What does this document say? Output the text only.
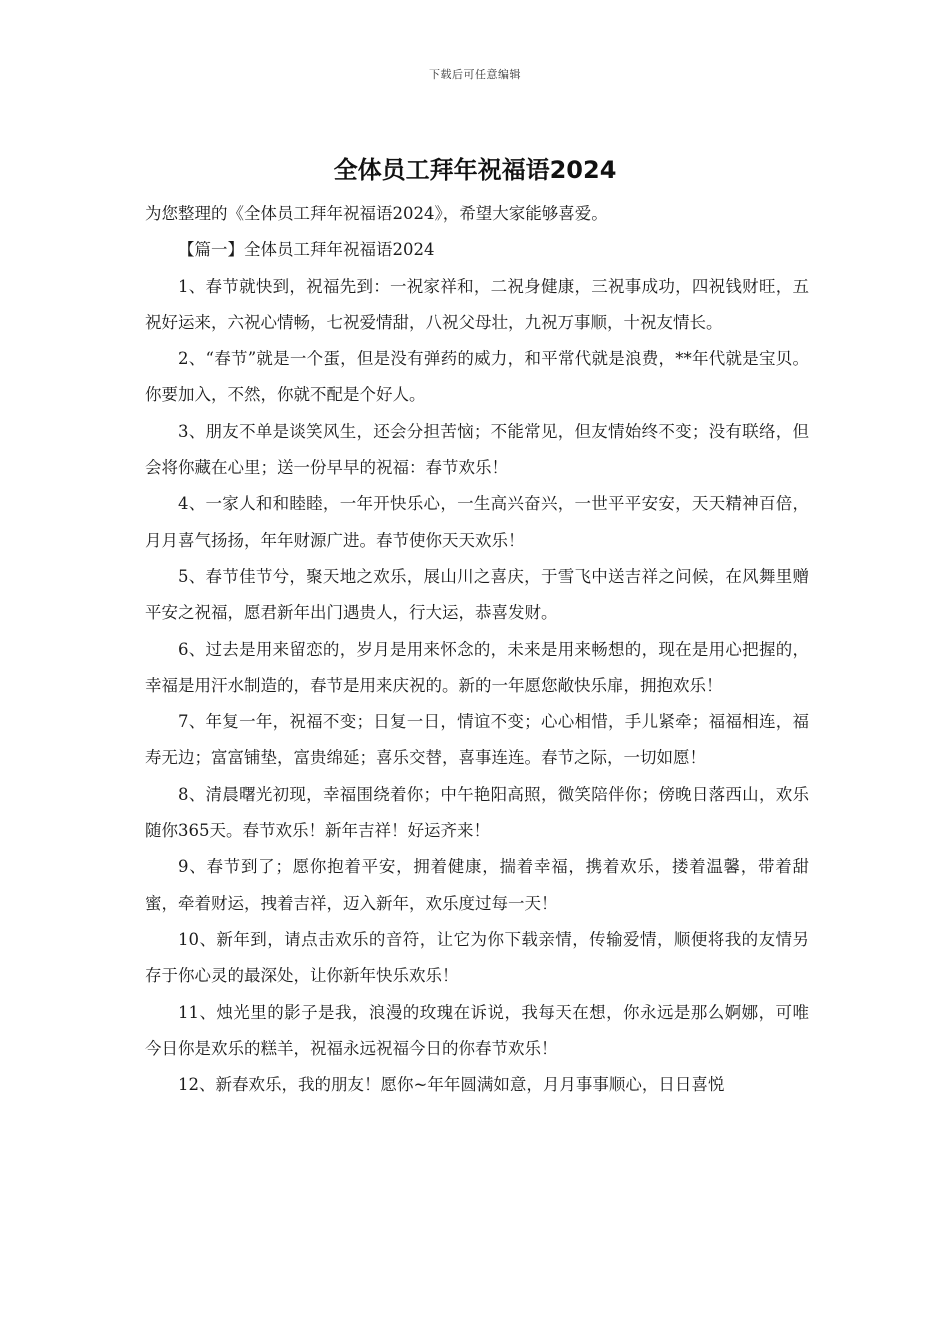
下载后可任意编辑
全体员工拜年祝福语2024

为您整理的《全体员工拜年祝福语2024》，希望大家能够喜爱。

【篇一】全体员工拜年祝福语2024

1、春节就快到，祝福先到：一祝家祥和，二祝身健康，三祝事成功，四祝钱财旺，五祝好运来，六祝心情畅，七祝爱情甜，八祝父母壮，九祝万事顺，十祝友情长。

2、“春节”就是一个蛋，但是没有弹药的威力，和平常代就是浪费，**年代就是宝贝。你要加入，不然，你就不配是个好人。

3、朋友不单是谈笑风生，还会分担苦恼；不能常见，但友情始终不变；没有联络，但会将你藏在心里；送一份早早的祝福：春节欢乐！

4、一家人和和睦睦，一年开快乐心，一生高兴奋兴，一世平平安安，天天精神百倍，月月喜气扬扬，年年财源广进。春节使你天天欢乐！

5、春节佳节兮，聚天地之欢乐，展山川之喜庆，于雪飞中送吉祥之问候，在风舞里赠平安之祝福，愿君新年出门遇贵人，行大运，恭喜发财。

6、过去是用来留恋的，岁月是用来怀念的，未来是用来畅想的，现在是用心把握的，幸福是用汗水制造的，春节是用来庆祝的。新的一年愿您敞快乐扉，拥抱欢乐！

7、年复一年，祝福不变；日复一日，情谊不变；心心相惜，手儿紧牵；福福相连，福寿无边；富富铺垫，富贵绵延；喜乐交替，喜事连连。春节之际，一切如愿！

8、清晨曙光初现，幸福围绕着你；中午艳阳高照，微笑陪伴你；傍晚日落西山，欢乐随你365天。春节欢乐！新年吉祥！好运齐来！

9、春节到了；愿你抱着平安，拥着健康，揣着幸福，携着欢乐，搂着温馨，带着甜蜜，牵着财运，拽着吉祥，迈入新年，欢乐度过每一天！

10、新年到，请点击欢乐的音符，让它为你下载亲情，传输爱情，顺便将我的友情另存于你心灵的最深处，让你新年快乐欢乐！

11、烛光里的影子是我，浪漫的玫瑰在诉说，我每天在想，你永远是那么婀娜，可唯今日你是欢乐的糕羊，祝福永远祝福今日的你春节欢乐！

12、新春欢乐，我的朋友！愿你~年年圆满如意，月月事事顺心，日日喜悦
